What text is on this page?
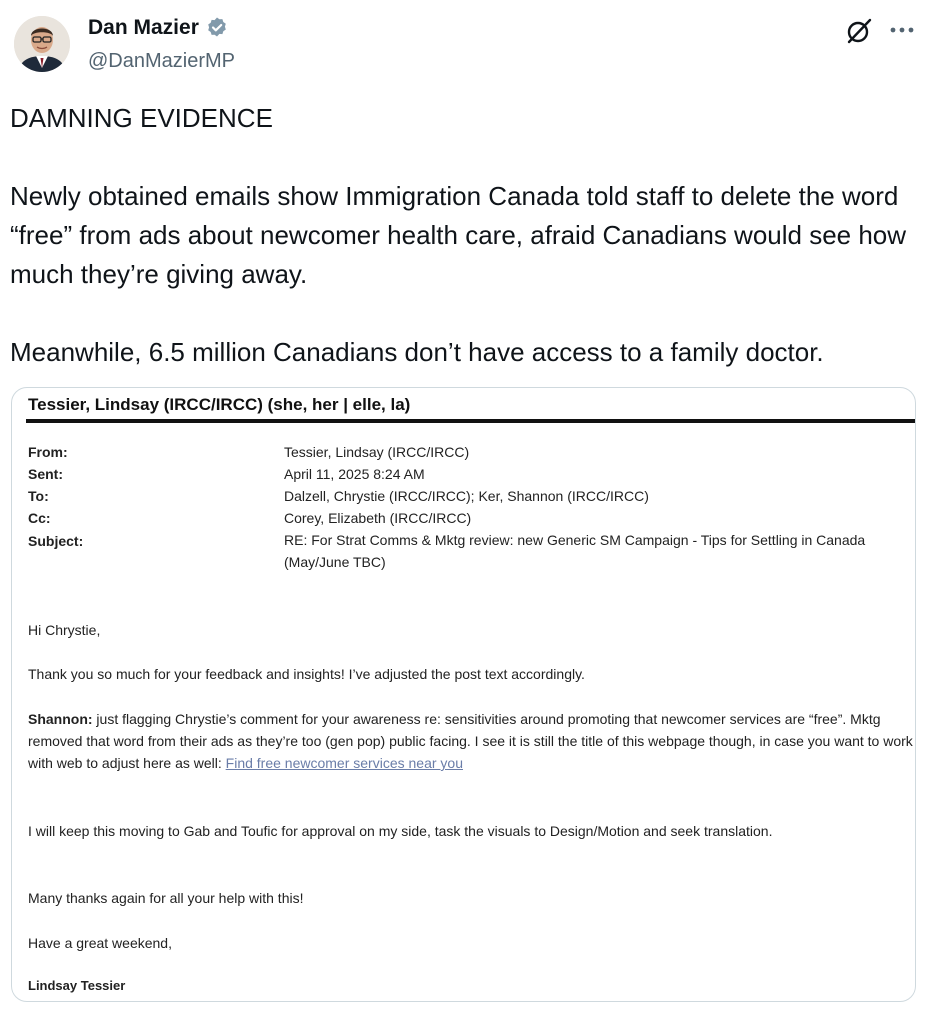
Dan Mazier
@DanMazierMP

DAMNING EVIDENCE

Newly obtained emails show Immigration Canada told staff to delete the word “free” from ads about newcomer health care, afraid Canadians would see how much they’re giving away.

Meanwhile, 6.5 million Canadians don’t have access to a family doctor.

Tessier, Lindsay (IRCC/IRCC) (she, her | elle, la)
From:	Tessier, Lindsay (IRCC/IRCC)
Sent:	April 11, 2025 8:24 AM
To:	Dalzell, Chrystie (IRCC/IRCC); Ker, Shannon (IRCC/IRCC)
Cc:	Corey, Elizabeth (IRCC/IRCC)
Subject:	RE: For Strat Comms & Mktg review: new Generic SM Campaign - Tips for Settling in Canada (May/June TBC)
Hi Chrystie,
Thank you so much for your feedback and insights! I’ve adjusted the post text accordingly.
Shannon: just flagging Chrystie’s comment for your awareness re: sensitivities around promoting that newcomer services are “free”. Mktg removed that word from their ads as they’re too (gen pop) public facing. I see it is still the title of this webpage though, in case you want to work with web to adjust here as well: Find free newcomer services near you
I will keep this moving to Gab and Toufic for approval on my side, task the visuals to Design/Motion and seek translation.
Many thanks again for all your help with this!
Have a great weekend,
Lindsay Tessier
